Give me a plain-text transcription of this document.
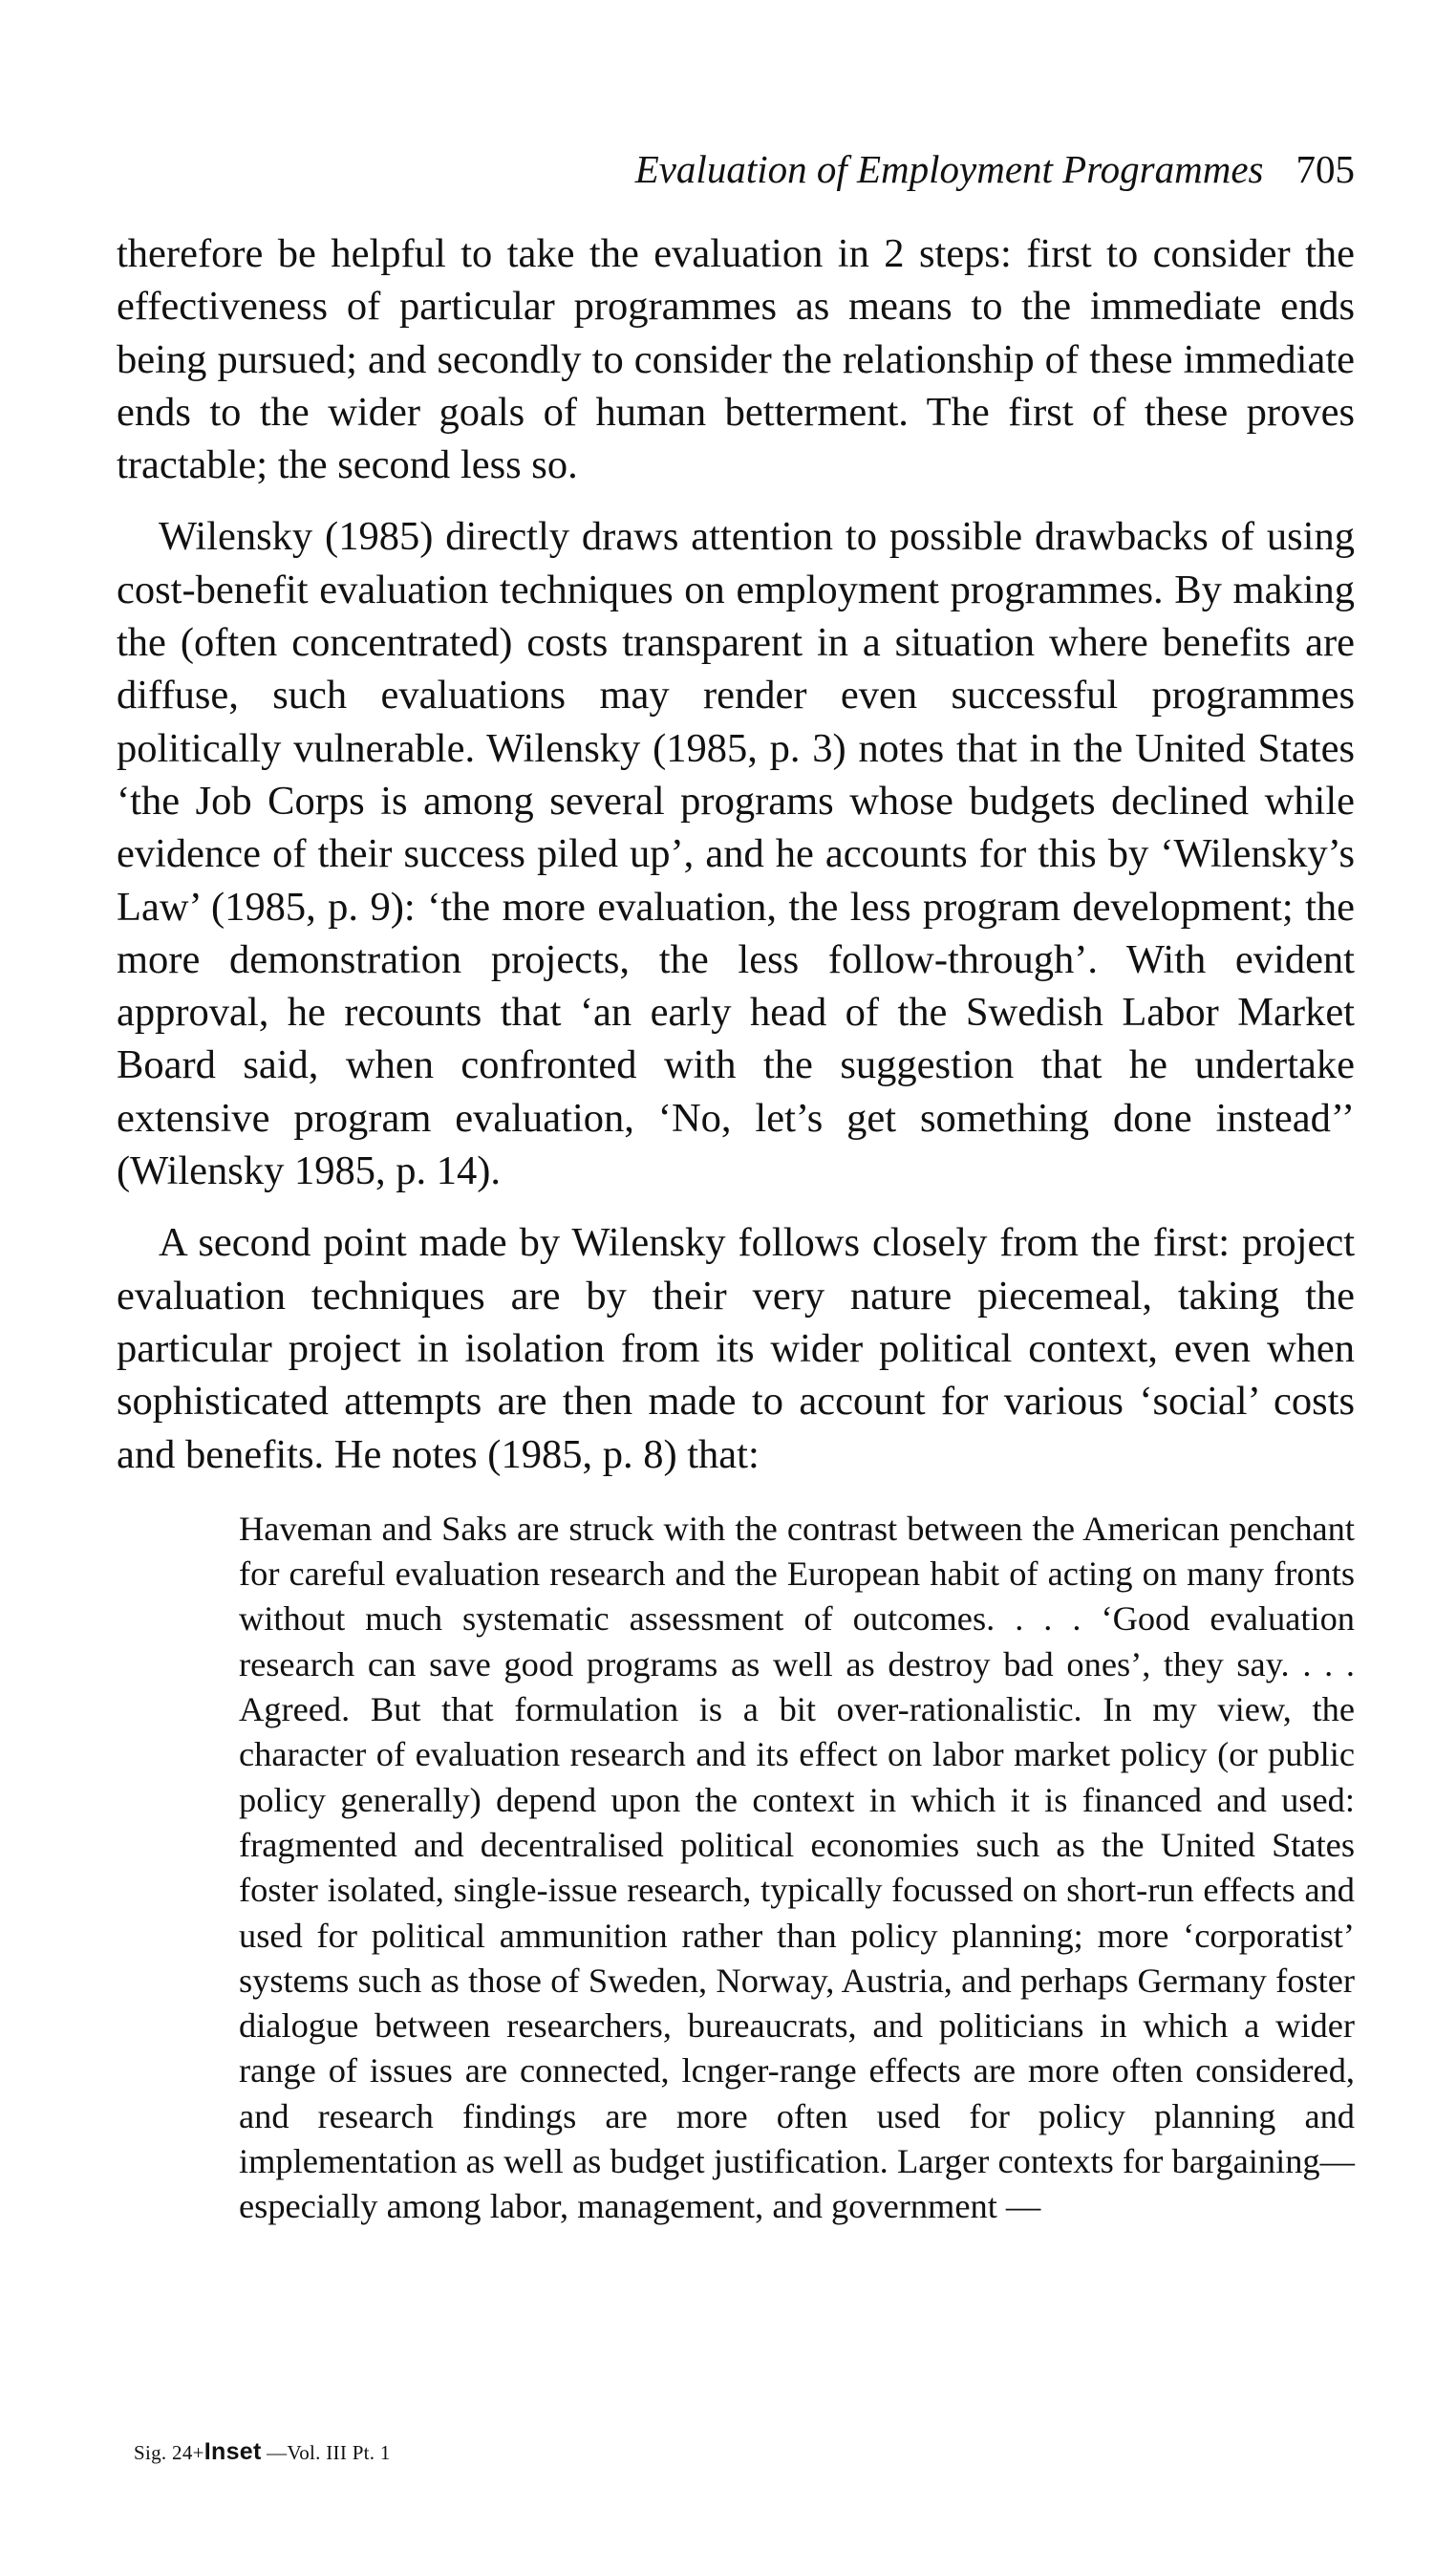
Evaluation of Employment Programmes 705

therefore be helpful to take the evaluation in 2 steps: first to consider the effectiveness of particular programmes as means to the immediate ends being pursued; and secondly to consider the relationship of these immediate ends to the wider goals of human betterment. The first of these proves tractable; the second less so.

Wilensky (1985) directly draws attention to possible drawbacks of using cost-benefit evaluation techniques on employment programmes. By making the (often concentrated) costs transparent in a situation where benefits are diffuse, such evaluations may render even successful programmes politically vulnerable. Wilensky (1985, p. 3) notes that in the United States ‘the Job Corps is among several programs whose budgets declined while evidence of their success piled up’, and he accounts for this by ‘Wilensky’s Law’ (1985, p. 9): ‘the more evaluation, the less program development; the more demonstration projects, the less follow-through’. With evident approval, he recounts that ‘an early head of the Swedish Labor Market Board said, when confronted with the suggestion that he undertake extensive program evaluation, ‘No, let’s get something done instead’’ (Wilensky 1985, p. 14).

A second point made by Wilensky follows closely from the first: project evaluation techniques are by their very nature piecemeal, taking the particular project in isolation from its wider political context, even when sophisticated attempts are then made to account for various ‘social’ costs and benefits. He notes (1985, p. 8) that:

Haveman and Saks are struck with the contrast between the American penchant for careful evaluation research and the European habit of acting on many fronts without much systematic assessment of outcomes. . . . ‘Good evaluation research can save good programs as well as destroy bad ones’, they say. . . . Agreed. But that formulation is a bit over-rationalistic. In my view, the character of evaluation research and its effect on labor market policy (or public policy generally) depend upon the context in which it is financed and used: fragmented and decentralised political economies such as the United States foster isolated, single-issue research, typically focussed on short-run effects and used for political ammunition rather than policy planning; more ‘corporatist’ systems such as those of Sweden, Norway, Austria, and perhaps Germany foster dialogue between researchers, bureaucrats, and politicians in which a wider range of issues are connected, lcnger-range effects are more often considered, and research findings are more often used for policy planning and implementation as well as budget justification. Larger contexts for bargaining—especially among labor, management, and government —

Sig. 24+Inset —Vol. III Pt. 1
